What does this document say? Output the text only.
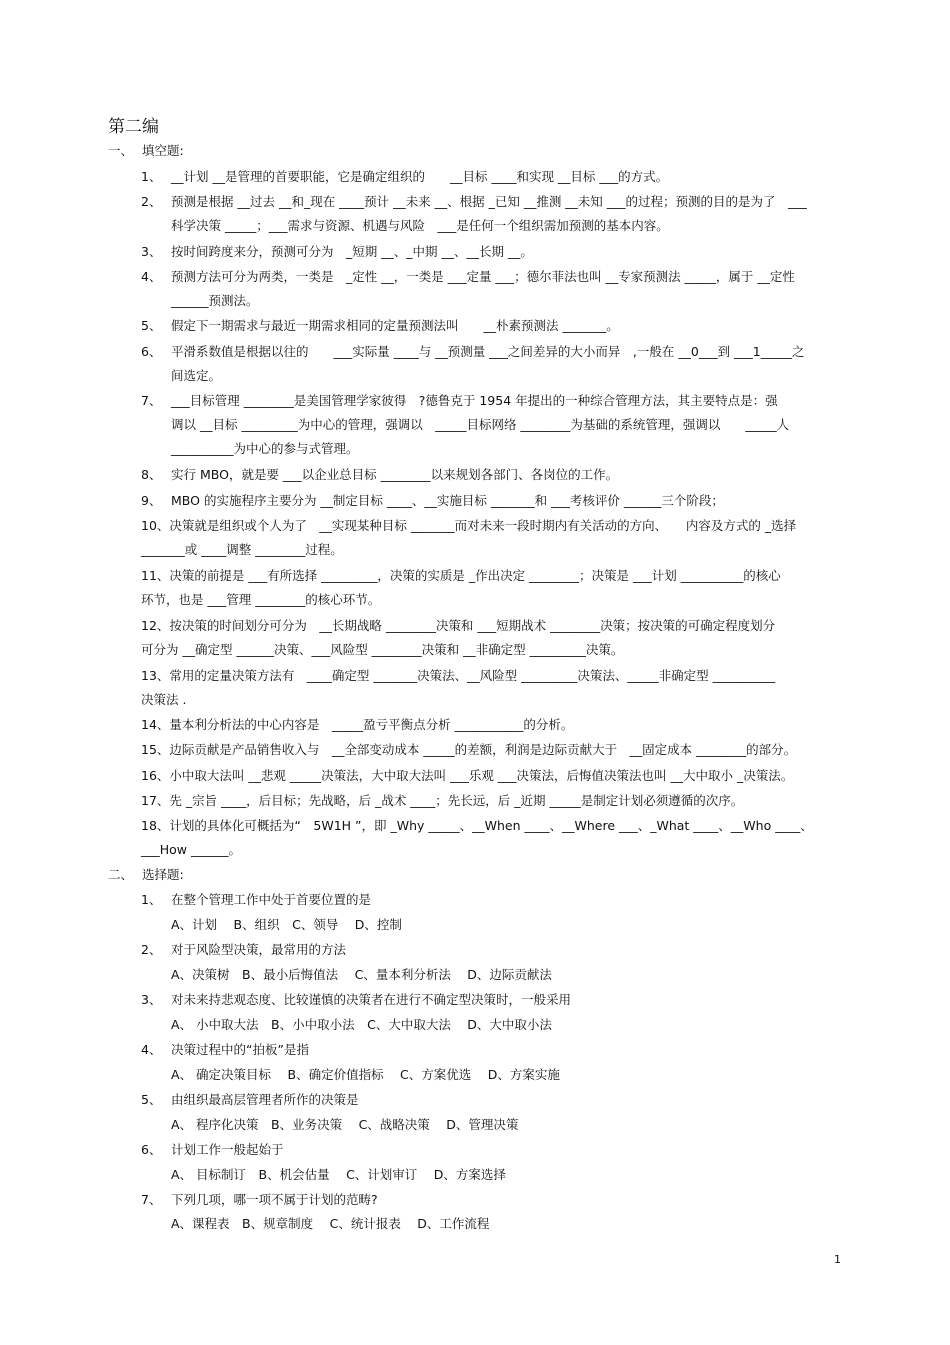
第二编
一、 填空题:
1、 __计划 __是管理的首要职能，它是确定组织的　　__目标 ____和实现 __目标 ___的方式。
2、 预测是根据 __过去 __和_现在 ____预计 __未来 __、根据 _已知 __推测 __未知 ___的过程；预测的目的是为了　___
科学决策 _____；___需求与资源、机遇与风险　___是任何一个组织需加预测的基本内容。
3、 按时间跨度来分，预测可分为　_短期 __、_中期 __、__长期 __。
4、 预测方法可分为两类，一类是　_定性 __，一类是 ___定量 ___；德尔菲法也叫 __专家预测法 _____，属于 __定性
______预测法。
5、 假定下一期需求与最近一期需求相同的定量预测法叫　　__朴素预测法 _______。
6、 平滑系数值是根据以往的　　___实际量 ____与 __预测量 ___之间差异的大小而异　,一般在 __0___到 ___1_____之
间选定。
7、 ___目标管理 ________是美国管理学家彼得　?德鲁克于 1954 年提出的一种综合管理方法，其主要特点是：强
调以 __目标 _________为中心的管理，强调以　_____目标网络 ________为基础的系统管理，强调以　　_____人
__________为中心的参与式管理。
8、 实行 MBO，就是要 ___以企业总目标 ________以来规划各部门、各岗位的工作。
9、 MBO 的实施程序主要分为 __制定目标 ____、__实施目标 _______和 ___考核评价 ______三个阶段；
10、决策就是组织或个人为了　__实现某种目标 _______而对未来一段时期内有关活动的方向、　　内容及方式的 _选择
_______或 ____调整 ________过程。
11、决策的前提是 ___有所选择 _________，决策的实质是 _作出决定 ________；决策是 ___计划 __________的核心
环节，也是 ___管理 ________的核心环节。
12、按决策的时间划分可分为　__长期战略 ________决策和 ___短期战术 ________决策；按决策的可确定程度划分
可分为 __确定型 ______决策、___风险型 ________决策和 __非确定型 _________决策。
13、常用的定量决策方法有　____确定型 _______决策法、__风险型 _________决策法、_____非确定型 __________
决策法 .
14、量本利分析法的中心内容是　_____盈亏平衡点分析 ___________的分析。
15、边际贡献是产品销售收入与　__全部变动成本 _____的差额，利润是边际贡献大于　__固定成本 ________的部分。
16、小中取大法叫 __悲观 _____决策法，大中取大法叫 ___乐观 ___决策法，后悔值决策法也叫 __大中取小 _决策法。
17、先 _宗旨 ____，后目标；先战略，后 _战术 ____；先长远，后 _近期 _____是制定计划必须遵循的次序。
18、计划的具体化可概括为“　5W1H ”，即 _Why _____、__When ____、__Where ___、_What ____、__Who ____、
___How ______。
二、 选择题:
1、 在整个管理工作中处于首要位置的是
A、计划　 B、组织　C、领导　 D、控制
2、 对于风险型决策，最常用的方法
A、决策树　B、最小后悔值法　 C、量本利分析法　 D、边际贡献法
3、 对未来持悲观态度、比较谨慎的决策者在进行不确定型决策时，一般采用
A、 小中取大法　B、小中取小法　C、大中取大法　 D、大中取小法
4、 决策过程中的“拍板”是指
A、 确定决策目标　 B、确定价值指标　 C、方案优选　 D、方案实施
5、 由组织最高层管理者所作的决策是
A、 程序化决策　B、业务决策　 C、战略决策　 D、管理决策
6、 计划工作一般起始于
A、 目标制订　B、机会估量　 C、计划审订　 D、方案选择
7、 下列几项，哪一项不属于计划的范畴?
A、课程表　B、规章制度　 C、统计报表　 D、工作流程
1
